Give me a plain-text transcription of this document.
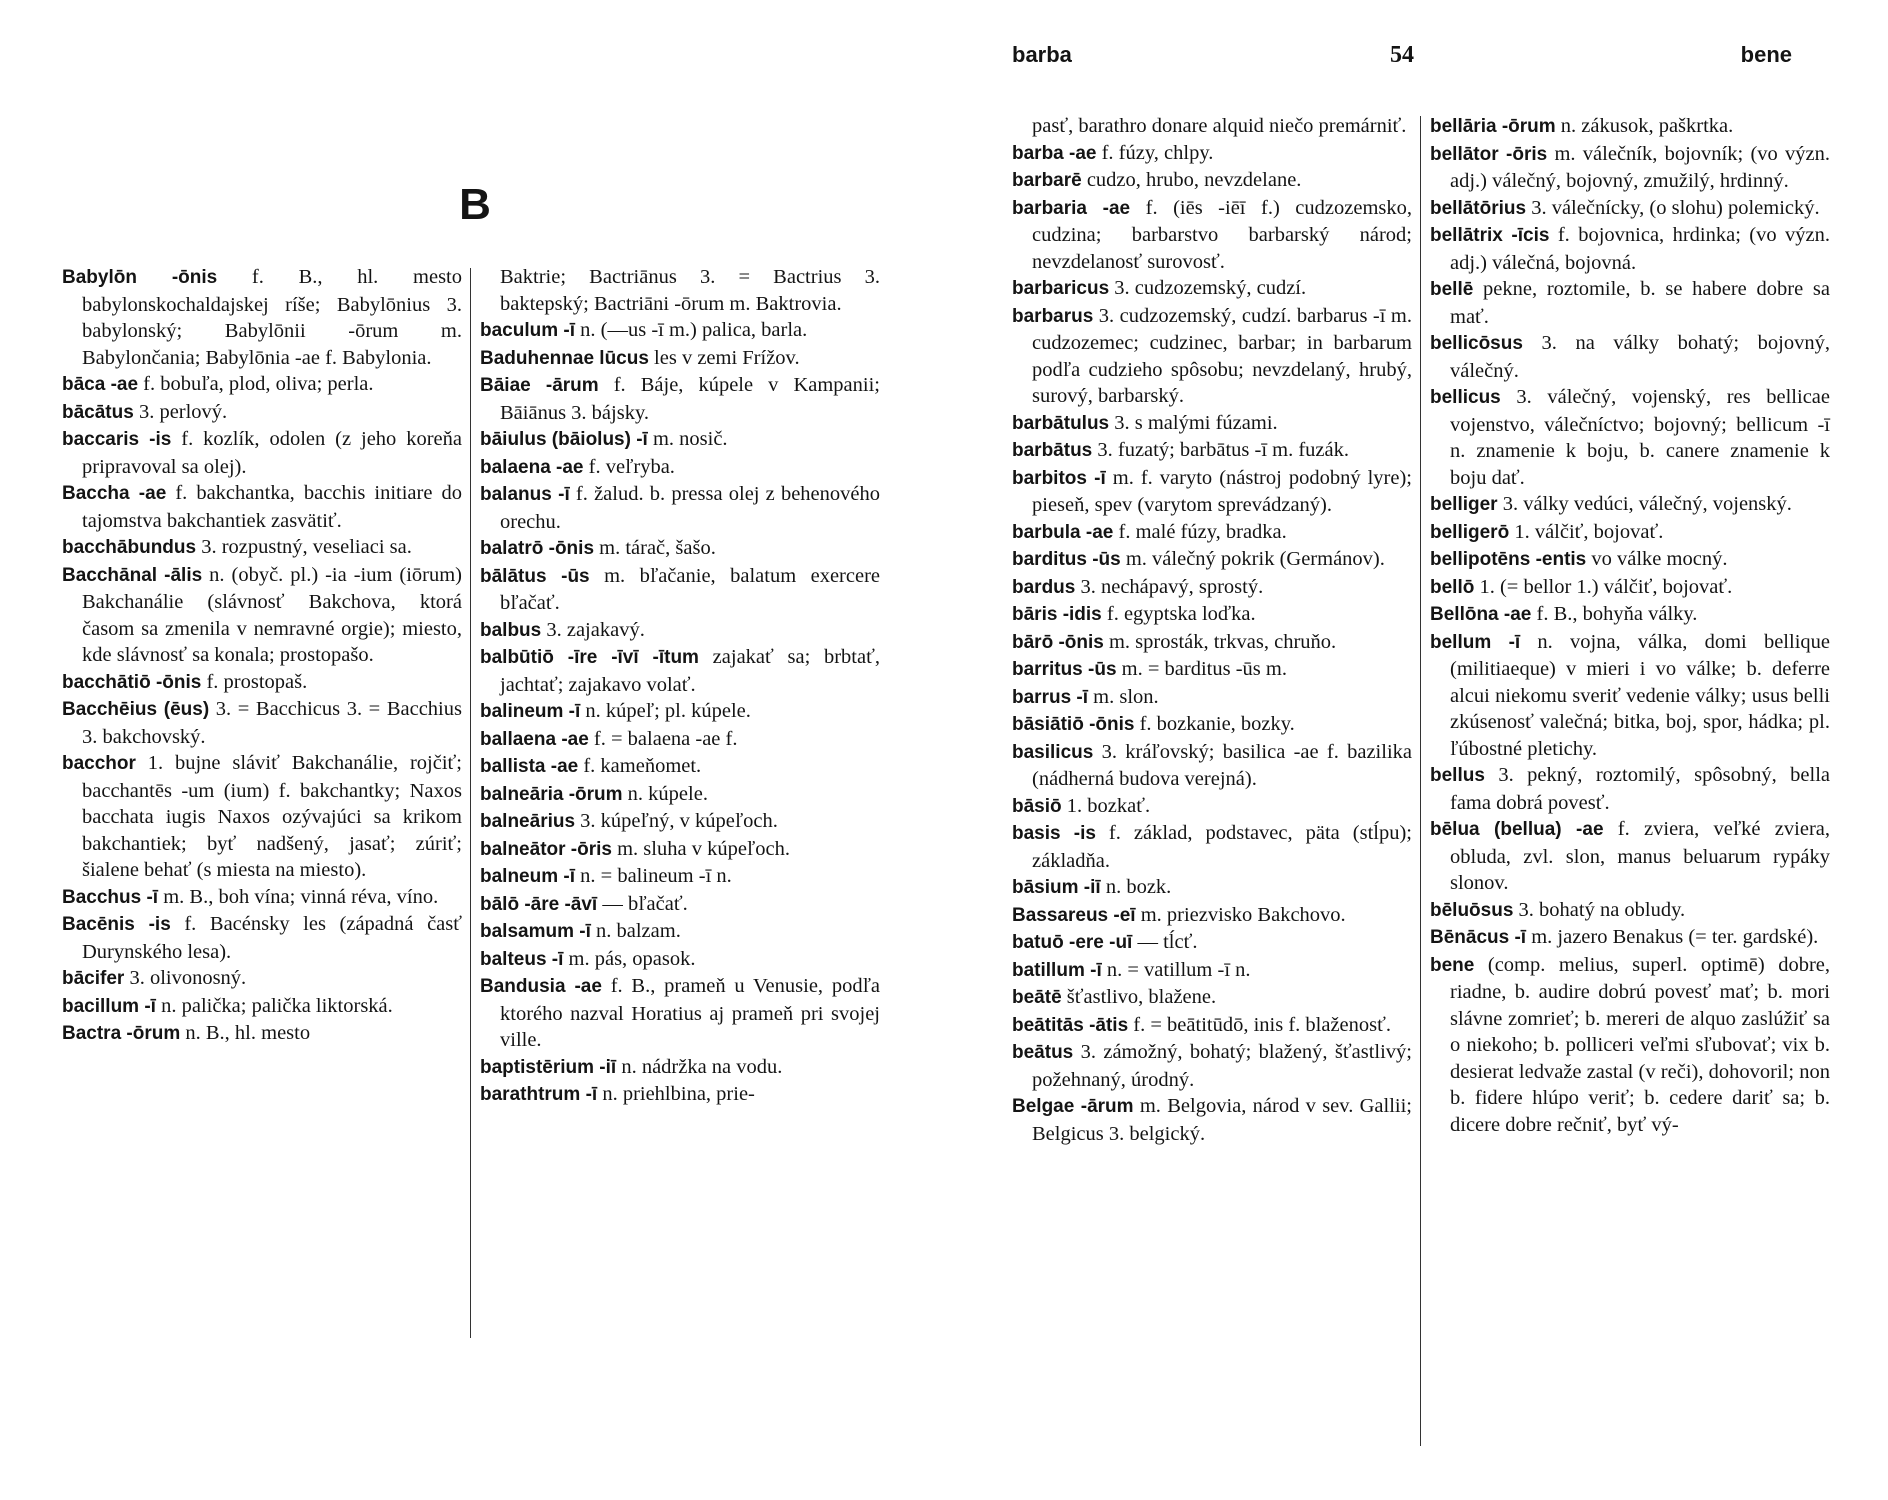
B

Babylōn -ōnis f. B., hl. mesto babylonskochaldajskej ríše; Babylōnius 3. babylonský; Babylōnii -ōrum m. Babylončania; Babylōnia -ae f. Babylonia.

bāca -ae f. bobuľa, plod, oliva; perla.

bācātus 3. perlový.

baccaris -is f. kozlík, odolen (z jeho koreňa pripravoval sa olej).

Baccha -ae f. bakchantka, bacchis initiare do tajomstva bakchantiek zasvätiť.

bacchābundus 3. rozpustný, veseliaci sa.

Bacchānal -ālis n. (obyč. pl.) -ia -ium (iōrum) Bakchanálie (slávnosť Bakchova, ktorá časom sa zmenila v nemravné orgie); miesto, kde slávnosť sa konala; prostopašo.

bacchātiō -ōnis f. prostopaš.

Bacchēius (ēus) 3. = Bacchicus 3. = Bacchius 3. bakchovský.

bacchor 1. bujne sláviť Bakchanálie, rojčiť; bacchantēs -um (ium) f. bakchantky; Naxos bacchata iugis Naxos ozývajúci sa krikom bakchantiek; byť nadšený, jasať; zúriť; šialene behať (s miesta na miesto).

Bacchus -ī m. B., boh vína; vinná réva, víno.

Bacēnis -is f. Bacénsky les (západná časť Durynského lesa).

bācifer 3. olivonosný.

bacillum -ī n. palička; palička liktorská.

Bactra -ōrum n. B., hl. mesto

Baktrie; Bactriānus 3. = Bactrius 3. baktерský; Bactriāni -ōrum m. Baktrovia.

baculum -ī n. (—us -ī m.) palica, barla.

Baduhennae lūcus les v zemi Frížov.

Bāiae -ārum f. Báje, kúpele v Kampanii; Bāiānus 3. bájsky.

bāiulus (bāiolus) -ī m. nosič.

balaena -ae f. veľryba.

balanus -ī f. žalud. b. pressa olej z behenového orechu.

balatrō -ōnis m. tárač, šašo.

bālātus -ūs m. bľačanie, balatum exercere bľačať.

balbus 3. zajakavý.

balbūtiō -īre -īvī -ītum zajakať sa; brbtať, jachtať; zajakavo volať.

balineum -ī n. kúpeľ; pl. kúpele.

ballaena -ae f. = balaena -ae f.

ballista -ae f. kameňomet.

balneāria -ōrum n. kúpele.

balneārius 3. kúpeľný, v kúpeľoch.

balneātor -ōris m. sluha v kúpeľoch.

balneum -ī n. = balineum -ī n.

bālō -āre -āvī — bľačať.

balsamum -ī n. balzam.

balteus -ī m. pás, opasok.

Bandusia -ae f. B., prameň u Venusie, podľa ktorého nazval Horatius aj prameň pri svojej ville.

baptistērium -iī n. nádržka na vodu.

barathtrum -ī n. priehlbina, prie-

barba	54	bene

pasť, barathro donare alquid niečo premárniť.

barba -ae f. fúzy, chlpy.

barbarē cudzo, hrubo, nevzdelane.

barbaria -ae f. (iēs -iēī f.) cudzozemsko, cudzina; barbarstvo barbarský národ; nevzdelanosť surovosť.

barbaricus 3. cudzozemský, cudzí.

barbarus 3. cudzozemský, cudzí. barbarus -ī m. cudzozemec; cudzinec, barbar; in barbarum podľa cudzieho spôsobu; nevzdelaný, hrubý, surový, barbarský.

barbātulus 3. s malými fúzami.

barbātus 3. fuzatý; barbātus -ī m. fuzák.

barbitos -ī m. f. varyto (nástroj podobný lyre); pieseň, spev (varytom sprevádzaný).

barbula -ae f. malé fúzy, bradka.

barditus -ūs m. válečný pokrik (Germánov).

bardus 3. nechápavý, sprostý.

bāris -idis f. egyptska loďka.

bārō -ōnis m. sprosták, trkvas, chruňo.

barritus -ūs m. = barditus -ūs m.

barrus -ī m. slon.

bāsiātiō -ōnis f. bozkanie, bozky.

basilicus 3. kráľovský; basilica -ae f. bazilika (nádherná budova verejná).

bāsiō 1. bozkať.

basis -is f. základ, podstavec, päta (stĺpu); základňa.

bāsium -iī n. bozk.

Bassareus -eī m. priezvisko Bakchovo.

batuō -ere -uī — tĺcť.

batillum -ī n. = vatillum -ī n.

beātē šťastlivo, blažene.

beātitās -ātis f. = beātitūdō, inis f. blaženosť.

beātus 3. zámožný, bohatý; blažený, šťastlivý; požehnaný, úrodný.

Belgae -ārum m. Belgovia, národ v sev. Gallii; Belgicus 3. belgický.

bellāria -ōrum n. zákusok, paškrtka.

bellātor -ōris m. válečník, bojovník; (vo význ. adj.) válečný, bojovný, zmužilý, hrdinný.

bellātōrius 3. válečnícky, (o slohu) polemický.

bellātrix -īcis f. bojovnica, hrdinka; (vo význ. adj.) válečná, bojovná.

bellē pekne, roztomile, b. se habere dobre sa mať.

bellicōsus 3. na války bohatý; bojovný, válečný.

bellicus 3. válečný, vojenský, res bellicae vojenstvo, válečníctvo; bojovný; bellicum -ī n. znamenie k boju, b. canere znamenie k boju dať.

belliger 3. války vedúci, válečný, vojenský.

belligerō 1. válčiť, bojovať.

bellipotēns -entis vo válke mocný.

bellō 1. (= bellor 1.) válčiť, bojovať.

Bellōna -ae f. B., bohyňa války.

bellum -ī n. vojna, válka, domi bellique (militiaeque) v mieri i vo válke; b. deferre alcui niekomu sveriť vedenie války; usus belli zkúsenosť valečná; bitka, boj, spor, hádka; pl. ľúbostné pletichy.

bellus 3. pekný, roztomilý, spôsobný, bella fama dobrá povesť.

bēlua (bellua) -ae f. zviera, veľké zviera, obluda, zvl. slon, manus beluarum rypáky slonov.

bēluōsus 3. bohatý na obludy.

Bēnācus -ī m. jazero Benakus (= ter. gardské).

bene (comp. melius, superl. optimē) dobre, riadne, b. audire dobrú povesť mať; b. mori slávne zomrieť; b. mereri de alquo zaslúžiť sa o niekoho; b. polliceri veľmi sľubovať; vix b. desierat ledvaže zastal (v reči), dohovoril; non b. fidere hlúpo veriť; b. cedere dariť sa; b. dicere dobre rečniť, byť vý-
